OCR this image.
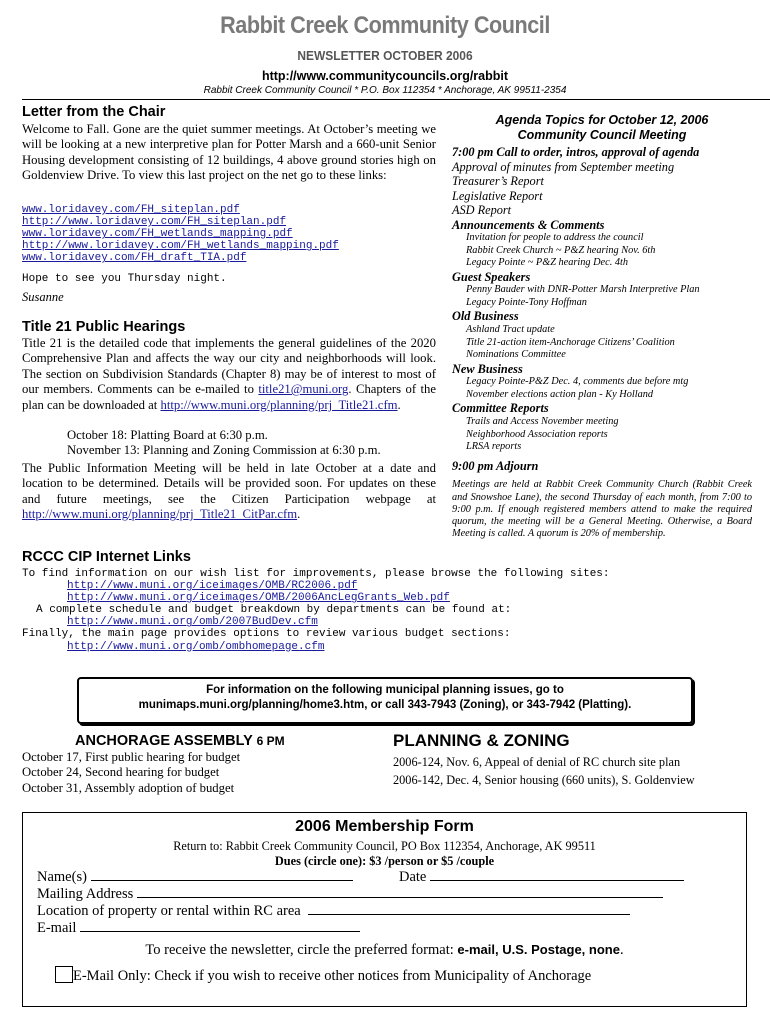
Rabbit Creek Community Council
NEWSLETTER OCTOBER 2006
http://www.communitycouncils.org/rabbit
Rabbit Creek Community Council * P.O. Box 112354 * Anchorage, AK 99511-2354
Letter from the Chair
Welcome to Fall. Gone are the quiet summer meetings. At October’s meeting we will be looking at a new interpretive plan for Potter Marsh and a 660-unit Senior Housing development consisting of 12 buildings, 4 above ground stories high on Goldenview Drive. To view this last project on the net go to these links:
www.loridavey.com/FH_siteplan.pdf
http://www.loridavey.com/FH_siteplan.pdf
www.loridavey.com/FH_wetlands_mapping.pdf
http://www.loridavey.com/FH_wetlands_mapping.pdf
www.loridavey.com/FH_draft_TIA.pdf
Hope to see you Thursday night.
Susanne
Title 21 Public Hearings
Title 21 is the detailed code that implements the general guidelines of the 2020 Comprehensive Plan and affects the way our city and neighborhoods will look. The section on Subdivision Standards (Chapter 8) may be of interest to most of our members. Comments can be e-mailed to title21@muni.org. Chapters of the plan can be downloaded at http://www.muni.org/planning/prj_Title21.cfm.
October 18: Platting Board at 6:30 p.m.
November 13: Planning and Zoning Commission at 6:30 p.m.
The Public Information Meeting will be held in late October at a date and location to be determined. Details will be provided soon. For updates on these and future meetings, see the Citizen Participation webpage at http://www.muni.org/planning/prj_Title21_CitPar.cfm.
Agenda Topics for October 12, 2006
Community Council Meeting
7:00 pm Call to order, intros, approval of agenda
Approval of minutes from September meeting
Treasurer’s Report
Legislative Report
ASD Report
Announcements & Comments
Invitation for people to address the council
Rabbit Creek Church ~ P&Z hearing Nov. 6th
Legacy Pointe ~ P&Z hearing Dec. 4th
Guest Speakers
Penny Bauder with DNR-Potter Marsh Interpretive Plan
Legacy Pointe-Tony Hoffman
Old Business
Ashland Tract update
Title 21-action item-Anchorage Citizens’ Coalition
Nominations Committee
New Business
Legacy Pointe-P&Z Dec. 4, comments due before mtg
November elections action plan - Ky Holland
Committee Reports
Trails and Access November meeting
Neighborhood Association reports
LRSA reports
9:00 pm Adjourn
Meetings are held at Rabbit Creek Community Church (Rabbit Creek and Snowshoe Lane), the second Thursday of each month, from 7:00 to 9:00 p.m. If enough registered members attend to make the required quorum, the meeting will be a General Meeting. Otherwise, a Board Meeting is called. A quorum is 20% of membership.
RCCC CIP Internet Links
To find information on our wish list for improvements, please browse the following sites:
http://www.muni.org/iceimages/OMB/RC2006.pdf
http://www.muni.org/iceimages/OMB/2006AncLegGrants_Web.pdf
A complete schedule and budget breakdown by departments can be found at:
http://www.muni.org/omb/2007BudDev.cfm
Finally, the main page provides options to review various budget sections:
http://www.muni.org/omb/ombhomepage.cfm
For information on the following municipal planning issues, go to
munimaps.muni.org/planning/home3.htm, or call 343-7943 (Zoning), or 343-7942 (Platting).
ANCHORAGE ASSEMBLY 6 PM
October 17, First public hearing for budget
October 24, Second hearing for budget
October 31, Assembly adoption of budget
PLANNING & ZONING
2006-124, Nov. 6, Appeal of denial of RC church site plan
2006-142, Dec. 4, Senior housing (660 units), S. Goldenview
2006 Membership Form
Return to: Rabbit Creek Community Council, PO Box 112354, Anchorage, AK 99511
Dues (circle one): $3 /person or $5 /couple
Name(s)	Date
Mailing Address
Location of property or rental within RC area
E-mail
To receive the newsletter, circle the preferred format: e-mail, U.S. Postage, none.
E-Mail Only: Check if you wish to receive other notices from Municipality of Anchorage
